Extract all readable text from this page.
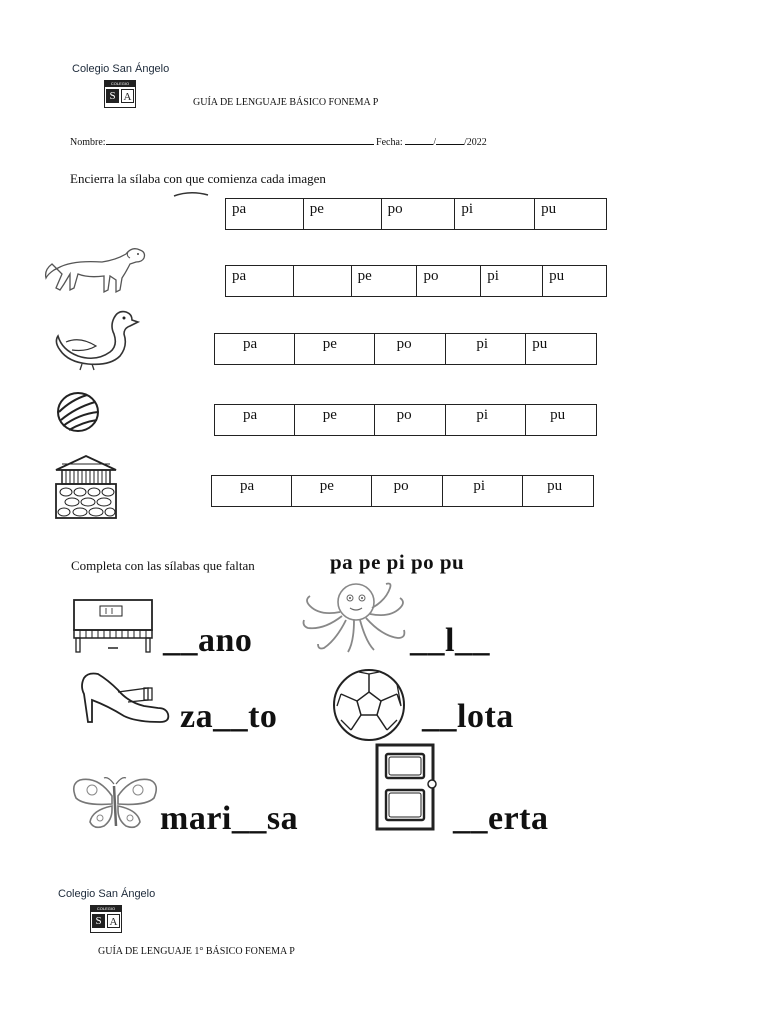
Colegio San Ángelo
COLEGIO
S A	GUÍA DE LENGUAJE BÁSICO FONEMA P
Nombre:	Fecha:	/	/2022
Encierra la sílaba con que comienza cada imagen
pa	pe	po	pi	pu
pa		pe	po	pi	pu
pa	pe	po	pi	pu
pa	pe	po	pi	pu
pa	pe	po	pi	pu
Completa con las sílabas que faltan	pa pe pi po pu
__ano	__l__
za__to	__lota
mari__sa	__erta
Colegio San Ángelo
COLEGIO
S A
GUÍA DE LENGUAJE 1° BÁSICO FONEMA P
